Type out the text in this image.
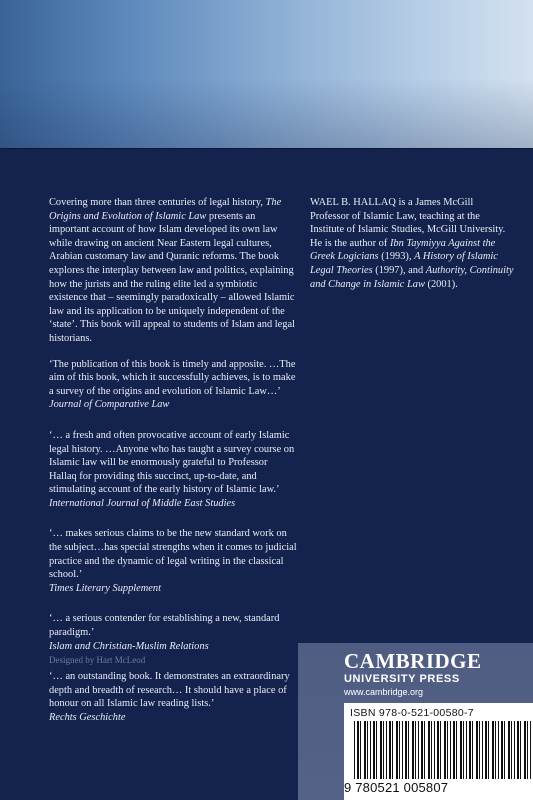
Covering more than three centuries of legal history, The Origins and Evolution of Islamic Law presents an important account of how Islam developed its own law while drawing on ancient Near Eastern legal cultures, Arabian customary law and Quranic reforms. The book explores the interplay between law and politics, explaining how the jurists and the ruling elite led a symbiotic existence that – seemingly paradoxically – allowed Islamic law and its application to be uniquely independent of the ‘state’. This book will appeal to students of Islam and legal historians.

‘The publication of this book is timely and apposite. …The aim of this book, which it successfully achieves, is to make a survey of the origins and evolution of Islamic Law…’
Journal of Comparative Law

‘… a fresh and often provocative account of early Islamic legal history. …Anyone who has taught a survey course on Islamic law will be enormously grateful to Professor Hallaq for providing this succinct, up-to-date, and stimulating account of the early history of Islamic law.’
International Journal of Middle East Studies

‘… makes serious claims to be the new standard work on the subject…has special strengths when it comes to judicial practice and the dynamic of legal writing in the classical school.’
Times Literary Supplement

‘… a serious contender for establishing a new, standard paradigm.’
Islam and Christian-Muslim Relations

‘… an outstanding book. It demonstrates an extraordinary depth and breadth of research… It should have a place of honour on all Islamic law reading lists.’
Rechts Geschichte

WAEL B. HALLAQ is a James McGill Professor of Islamic Law, teaching at the Institute of Islamic Studies, McGill University. He is the author of Ibn Taymiyya Against the Greek Logicians (1993), A History of Islamic Legal Theories (1997), and Authority, Continuity and Change in Islamic Law (2001).

Designed by Hart McLeod	CAMBRIDGE
UNIVERSITY PRESS
www.cambridge.org
ISBN 978-0-521-00580-7
9 780521 005807
